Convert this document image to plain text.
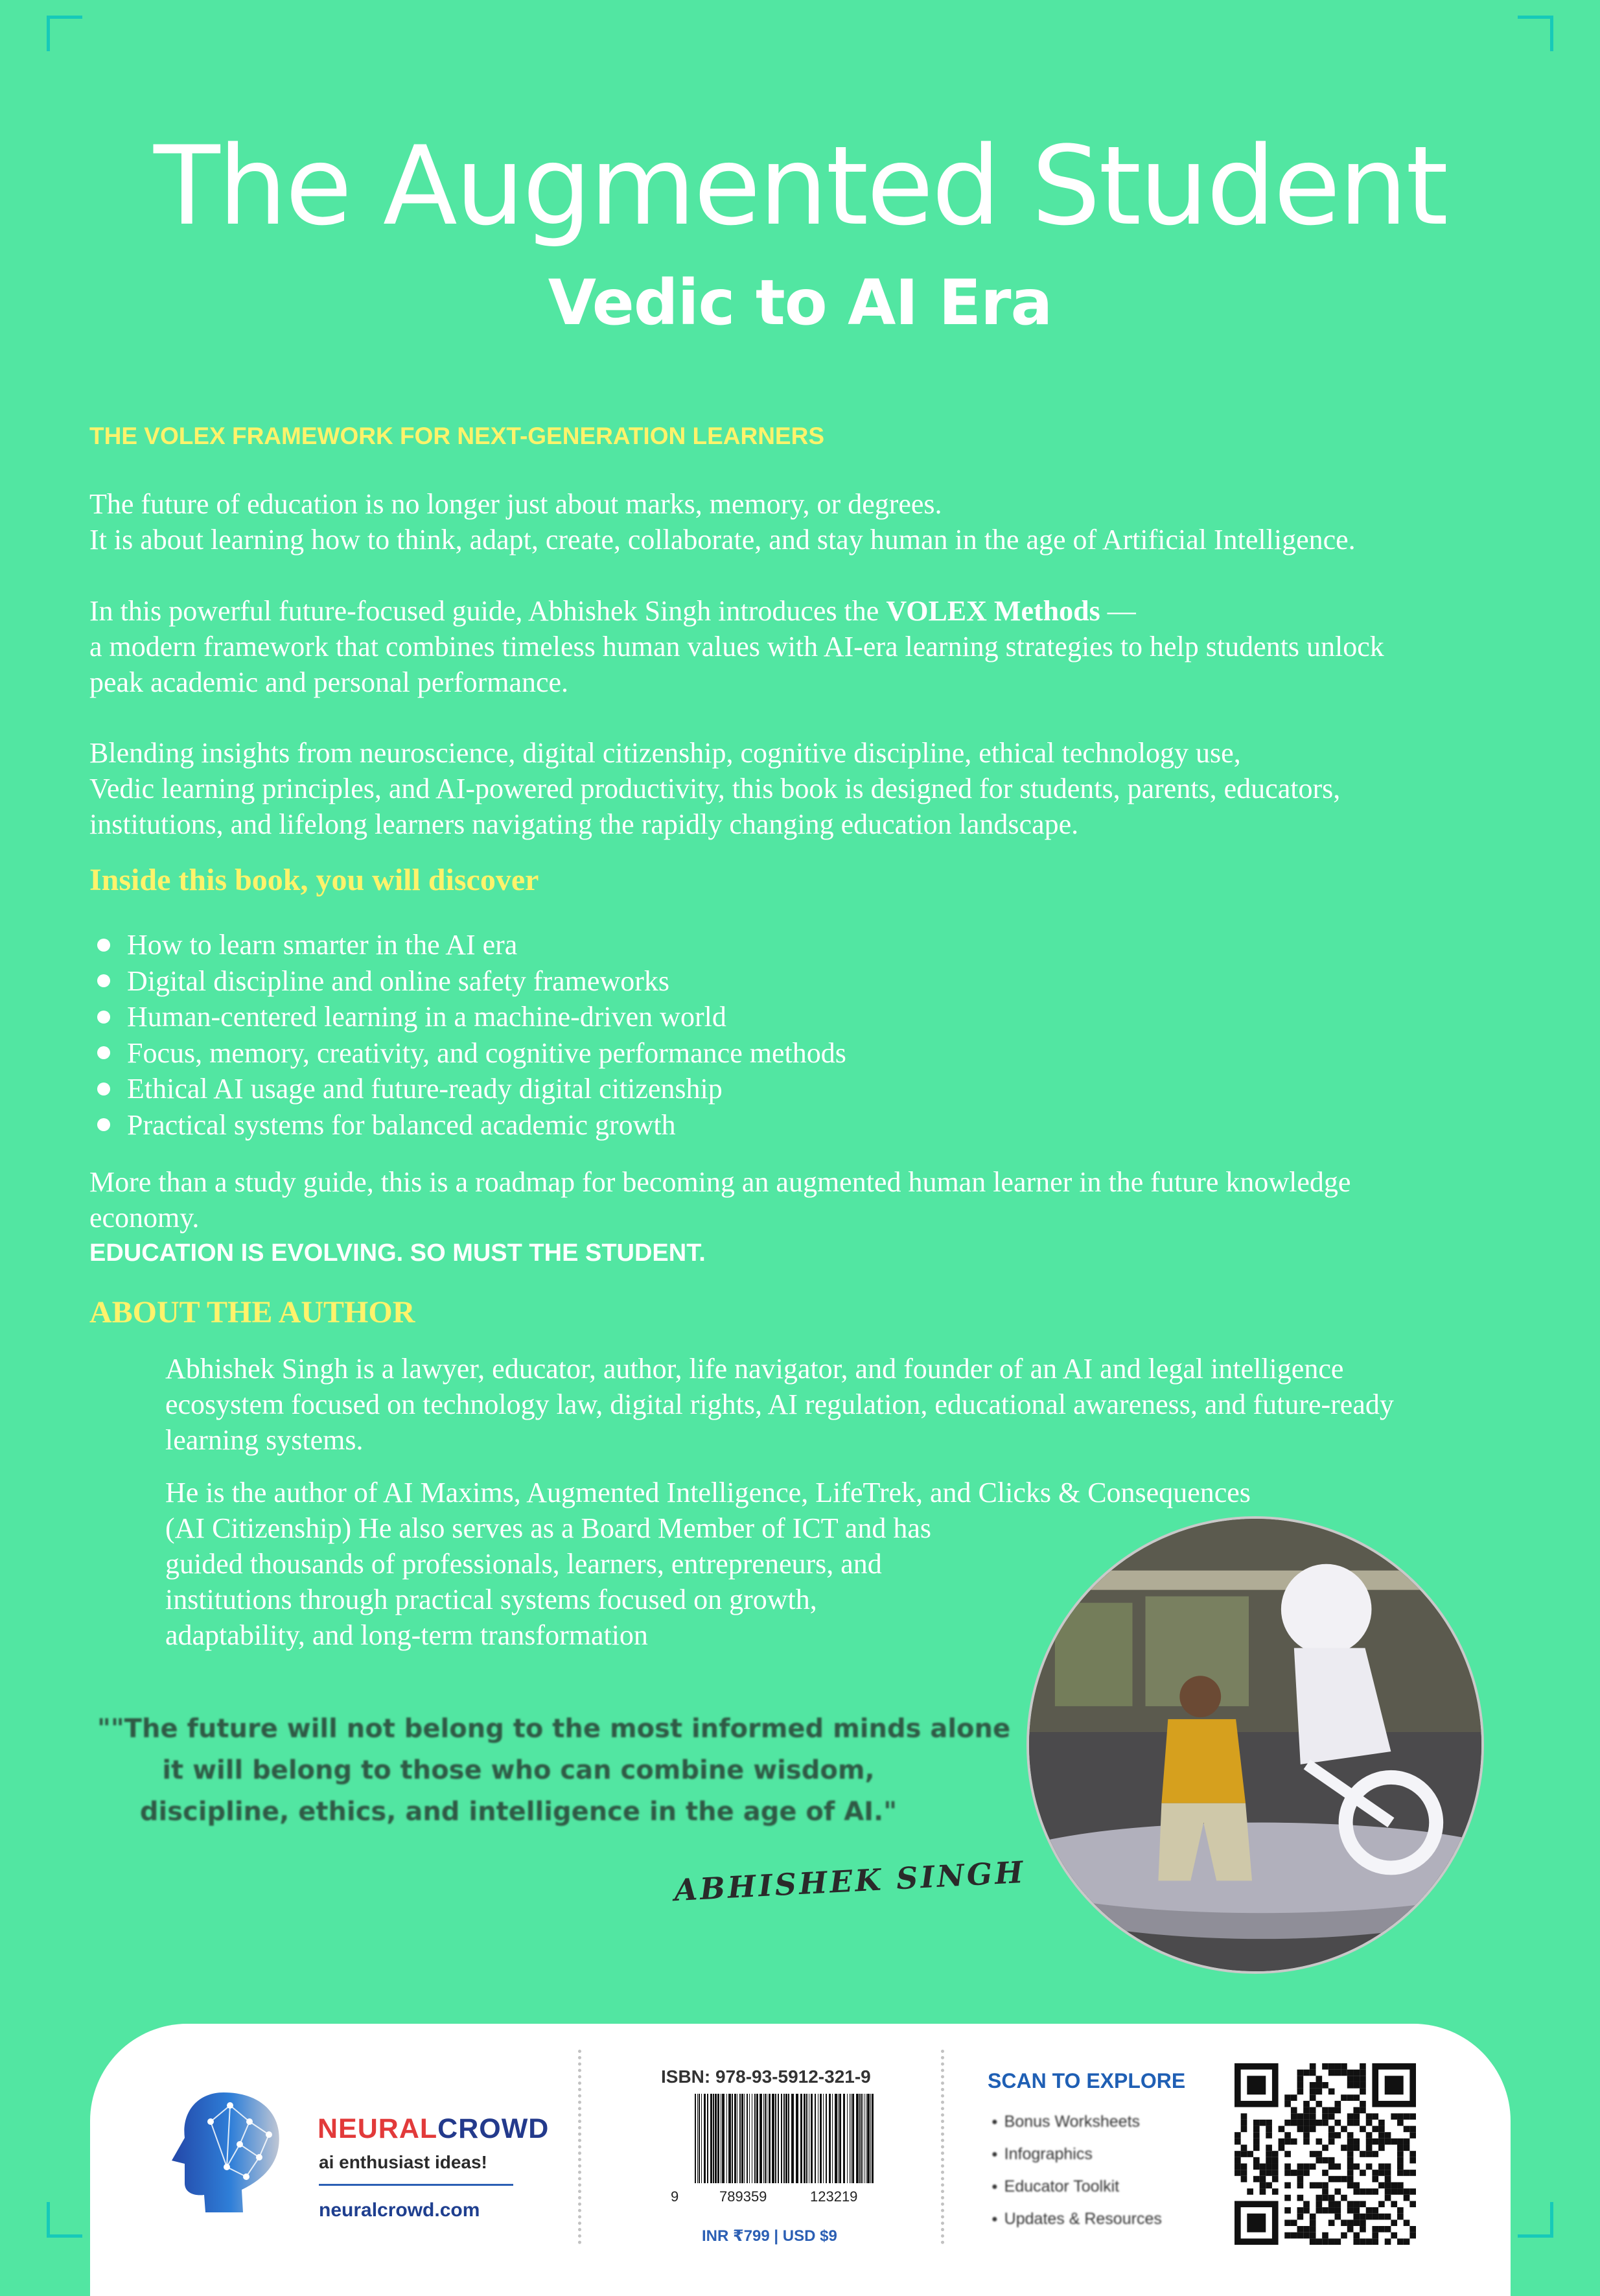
The Augmented Student
Vedic to AI Era

THE VOLEX FRAMEWORK FOR NEXT-GENERATION LEARNERS

The future of education is no longer just about marks, memory, or degrees.
It is about learning how to think, adapt, create, collaborate, and stay human in the age of Artificial Intelligence.

In this powerful future-focused guide, Abhishek Singh introduces the VOLEX Methods —
a modern framework that combines timeless human values with AI-era learning strategies to help students unlock
peak academic and personal performance.

Blending insights from neuroscience, digital citizenship, cognitive discipline, ethical technology use,
Vedic learning principles, and AI-powered productivity, this book is designed for students, parents, educators,
institutions, and lifelong learners navigating the rapidly changing education landscape.

Inside this book, you will discover

How to learn smarter in the AI era
Digital discipline and online safety frameworks
Human-centered learning in a machine-driven world
Focus, memory, creativity, and cognitive performance methods
Ethical AI usage and future-ready digital citizenship
Practical systems for balanced academic growth

More than a study guide, this is a roadmap for becoming an augmented human learner in the future knowledge
economy.

EDUCATION IS EVOLVING. SO MUST THE STUDENT.

ABOUT THE AUTHOR

Abhishek Singh is a lawyer, educator, author, life navigator, and founder of an AI and legal intelligence
ecosystem focused on technology law, digital rights, AI regulation, educational awareness, and future-ready
learning systems.

He is the author of AI Maxims, Augmented Intelligence, LifeTrek, and Clicks & Consequences
(AI Citizenship) He also serves as a Board Member of ICT and has
guided thousands of professionals, learners, entrepreneurs, and
institutions through practical systems focused on growth,
adaptability, and long-term transformation

""The future will not belong to the most informed minds alone
it will belong to those who can combine wisdom,
discipline, ethics, and intelligence in the age of AI."

ABHISHEK SINGH

NEURALCROWD

ai enthusiast ideas!

neuralcrowd.com

ISBN: 978-93-5912-321-9

9	789359	123219

INR ₹799 | USD $9

SCAN TO EXPLORE

● Bonus Worksheets
● Infographics
● Educator Toolkit
● Updates & Resources
